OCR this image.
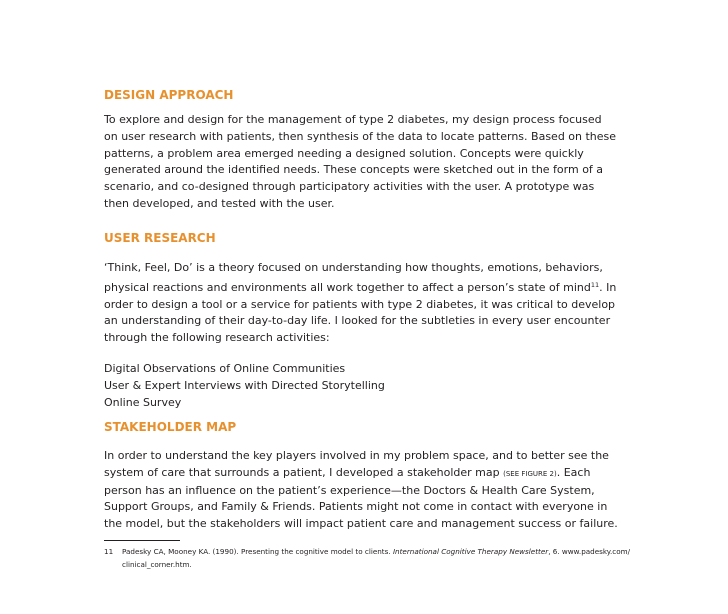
DESIGN APPROACH

To explore and design for the management of type 2 diabetes, my design process focused
on user research with patients, then synthesis of the data to locate patterns. Based on these
patterns, a problem area emerged needing a designed solution. Concepts were quickly
generated around the identified needs. These concepts were sketched out in the form of a
scenario, and co-designed through participatory activities with the user. A prototype was
then developed, and tested with the user.

USER RESEARCH

‘Think, Feel, Do’ is a theory focused on understanding how thoughts, emotions, behaviors,
physical reactions and environments all work together to affect a person’s state of mind$^{11}$. In
order to design a tool or a service for patients with type 2 diabetes, it was critical to develop
an understanding of their day-to-day life. I looked for the subtleties in every user encounter
through the following research activities:

Digital Observations of Online Communities
User & Expert Interviews with Directed Storytelling
Online Survey

STAKEHOLDER MAP

In order to understand the key players involved in my problem space, and to better see the
system of care that surrounds a patient, I developed a stakeholder map (SEE FIGURE 2). Each
person has an influence on the patient’s experience—the Doctors & Health Care System,
Support Groups, and Family & Friends. Patients might not come in contact with everyone in
the model, but the stakeholders will impact patient care and management success or failure.

11 Padesky CA, Mooney KA. (1990). Presenting the cognitive model to clients. International Cognitive Therapy Newsletter, 6. www.padesky.com/
clinical_corner.htm.
